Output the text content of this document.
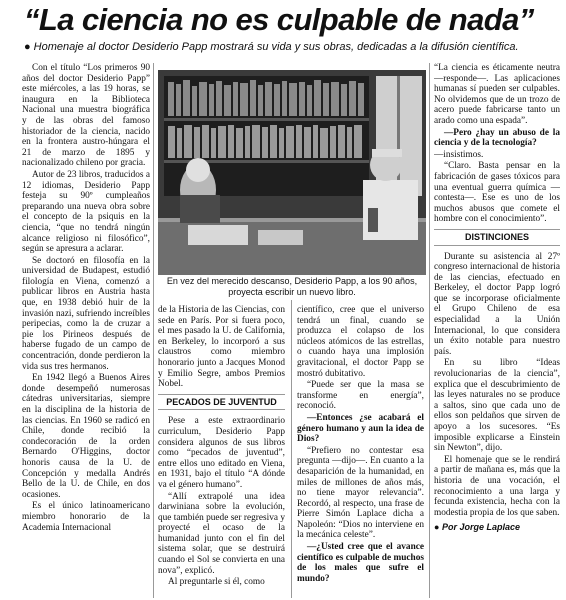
“La ciencia no es culpable de nada”
● Homenaje al doctor Desiderio Papp mostrará su vida y sus obras, dedicadas a la difusión científica.

Con el título “Los primeros 90 años del doctor Desiderio Papp” este miércoles, a las 19 horas, se inaugura en la Biblioteca Nacional una muestra biográfica y de las obras del famoso historiador de la ciencia, nacido en la frontera austro-húngara el 21 de marzo de 1895 y nacionalizado chileno por gracia.

Autor de 23 libros, traducidos a 12 idiomas, Desiderio Papp festeja su 90º cumpleaños preparando una nueva obra sobre el concepto de la psiquis en la ciencia, “que no tendrá ningún alcance religioso ni filosófico”, según se apresura a aclarar.

Se doctoró en filosofía en la universidad de Budapest, estudió filología en Viena, comenzó a publicar libros en Austria hasta que, en 1938 debió huir de la invasión nazi, sufriendo increíbles peripecias, como la de cruzar a pie los Pirineos después de haberse fugado de un campo de concentración, donde perdieron la vida sus tres hermanos.

En 1942 llegó a Buenos Aires donde desempeñó numerosas cátedras universitarias, siempre en la disciplina de la historia de las ciencias. En 1960 se radicó en Chile, donde recibió la condecoración de la orden Bernardo O'Higgins, doctor honoris causa de la U. de Concepción y medalla Andrés Bello de la U. de Chile, en dos ocasiones.

Es el único latinoamericano miembro honorario de la Academia Internacional

En vez del merecido descanso, Desiderio Papp, a los 90 años, proyecta escribir un nuevo libro.

de la Historia de las Ciencias, con sede en París. Por si fuera poco, el mes pasado la U. de California, en Berkeley, lo incorporó a sus claustros como miembro honorario junto a Jacques Monod y Emilio Segre, ambos Premios Nobel.

PECADOS DE JUVENTUD

Pese a este extraordinario curriculum, Desiderio Papp considera algunos de sus libros como “pecados de juventud”, entre ellos uno editado en Viena, en 1931, bajo el título “A dónde va el género humano”.

“Allí extrapolé una idea darwiniana sobre la evolución, que también puede ser regresiva y proyecté el ocaso de la humanidad junto con el fin del sistema solar, que se destruirá cuando el Sol se convierta en una nova”, explicó.

Al preguntarle si él, como

científico, cree que el universo tendrá un final, cuando se produzca el colapso de los núcleos atómicos de las estrellas, o cuando haya una implosión gravitacional, el doctor Papp se mostró dubitativo.

“Puede ser que la masa se transforme en energía”, reconoció.

—Entonces ¿se acabará el género humano y aun la idea de Dios?

“Prefiero no contestar esa pregunta —dijo—. En cuanto a la desaparición de la humanidad, en miles de millones de años más, no tiene mayor relevancia”. Recordó, al respecto, una frase de Pierre Simón Laplace dicha a Napoleón: “Dios no interviene en la mecánica celeste”.

—¿Usted cree que el avance científico es culpable de muchos de los males que sufre el mundo?

“La ciencia es éticamente neutra —responde—. Las aplicaciones humanas sí pueden ser culpables. No olvidemos que de un trozo de acero puede fabricarse tanto un arado como una espada”.

—Pero ¿hay un abuso de la ciencia y de la tecnología?

—insistimos.

“Claro. Basta pensar en la fabricación de gases tóxicos para una eventual guerra química —contesta—. Ese es uno de los muchos abusos que comete el hombre con el conocimiento”.

DISTINCIONES

Durante su asistencia al 27º congreso internacional de historia de las ciencias, efectuado en Berkeley, el doctor Papp logró que se incorporase oficialmente el Grupo Chileno de esa especialidad a la Unión Internacional, lo que considera un éxito notable para nuestro país.

En su libro “Ideas revolucionarias de la ciencia”, explica que el descubrimiento de las leyes naturales no se produce a saltos, sino que cada uno de ellos son peldaños que sirven de apoyo a los sucesores. “Es imposible explicarse a Einstein sin Newton”, dijo.

El homenaje que se le rendirá a partir de mañana es, más que la historia de una vocación, el reconocimiento a una larga y fecunda existencia, hecha con la modestia propia de los que saben.

● Por Jorge Laplace
